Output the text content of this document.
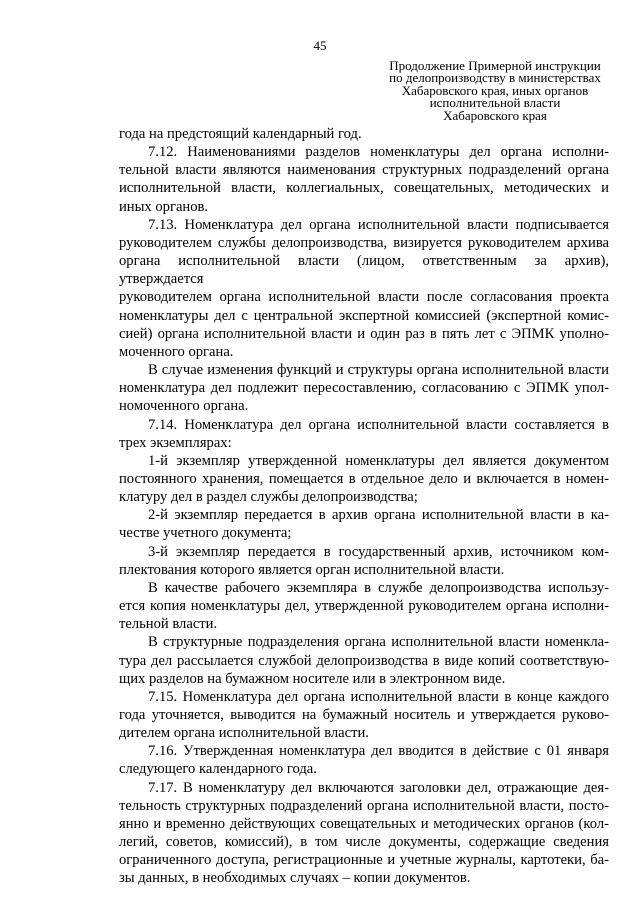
45
Продолжение Примерной инструкции
по делопроизводству в министерствах
Хабаровского края, иных органов
исполнительной власти
Хабаровского края

года на предстоящий календарный год.

7.12. Наименованиями разделов номенклатуры дел органа исполни-

тельной власти являются наименования структурных подразделений органа

исполнительной власти, коллегиальных, совещательных, методических и

иных органов.

7.13. Номенклатура дел органа исполнительной власти подписывается

руководителем службы делопроизводства, визируется руководителем архива

органа исполнительной власти (лицом, ответственным за архив), утверждается

руководителем органа исполнительной власти после согласования проекта

номенклатуры дел с центральной экспертной комиссией (экспертной комис-

сией) органа исполнительной власти и один раз в пять лет с ЭПМК уполно-

моченного органа.

В случае изменения функций и структуры органа исполнительной власти

номенклатура дел подлежит пересоставлению, согласованию с ЭПМК упол-

номоченного органа.

7.14. Номенклатура дел органа исполнительной власти составляется в

трех экземплярах:

1-й экземпляр утвержденной номенклатуры дел является документом

постоянного хранения, помещается в отдельное дело и включается в номен-

клатуру дел в раздел службы делопроизводства;

2-й экземпляр передается в архив органа исполнительной власти в ка-

честве учетного документа;

3-й экземпляр передается в государственный архив, источником ком-

плектования которого является орган исполнительной власти.

В качестве рабочего экземпляра в службе делопроизводства использу-

ется копия номенклатуры дел, утвержденной руководителем органа исполни-

тельной власти.

В структурные подразделения органа исполнительной власти номенкла-

тура дел рассылается службой делопроизводства в виде копий соответствую-

щих разделов на бумажном носителе или в электронном виде.

7.15. Номенклатура дел органа исполнительной власти в конце каждого

года уточняется, выводится на бумажный носитель и утверждается руково-

дителем органа исполнительной власти.

7.16. Утвержденная номенклатура дел вводится в действие с 01 января

следующего календарного года.

7.17. В номенклатуру дел включаются заголовки дел, отражающие дея-

тельность структурных подразделений органа исполнительной власти, посто-

янно и временно действующих совещательных и методических органов (кол-

легий, советов, комиссий), в том числе документы, содержащие сведения

ограниченного доступа, регистрационные и учетные журналы, картотеки, ба-

зы данных, в необходимых случаях – копии документов.
